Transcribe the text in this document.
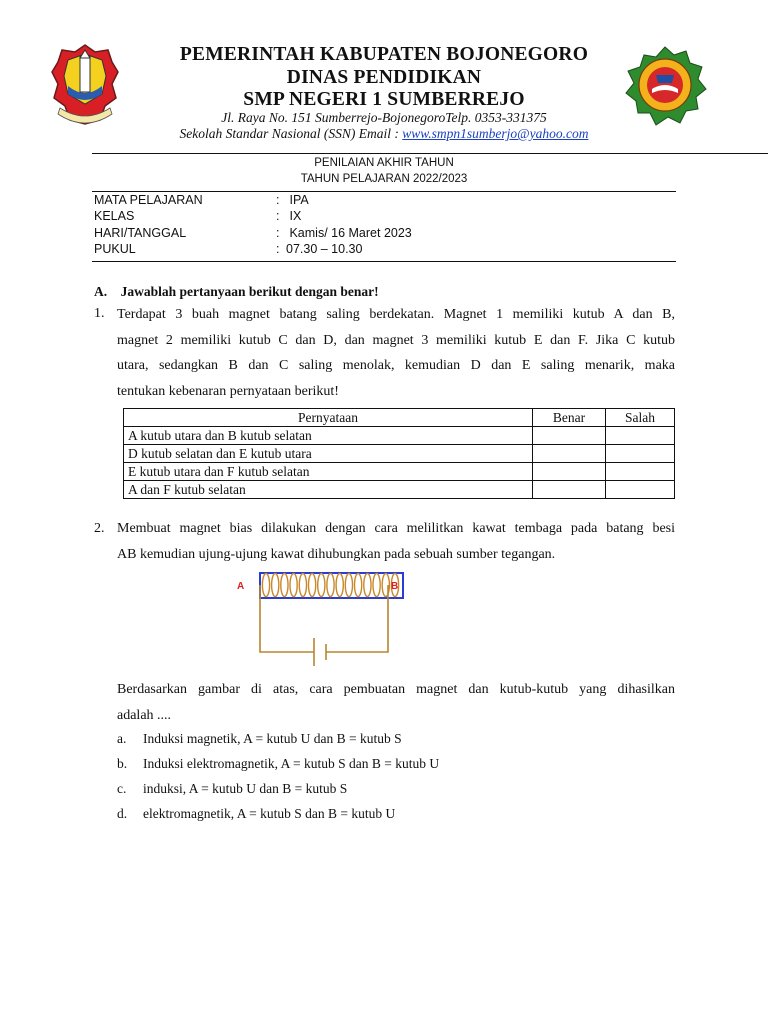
PEMERINTAH KABUPATEN BOJONEGORO
DINAS PENDIDIKAN
SMP NEGERI 1 SUMBERREJO
Jl. Raya No. 151 Sumberrejo-BojonegoroTelp. 0353-331375
Sekolah Standar Nasional (SSN) Email : www.smpn1sumberjo@yahoo.com
PENILAIAN AKHIR TAHUN
TAHUN PELAJARAN 2022/2023
MATA PELAJARAN	: IPA
KELAS	: IX
HARI/TANGGAL	: Kamis/ 16 Maret 2023
PUKUL	: 07.30 – 10.30
A. Jawablah pertanyaan berikut dengan benar!
1. Terdapat 3 buah magnet batang saling berdekatan. Magnet 1 memiliki kutub A dan B,
magnet 2 memiliki kutub C dan D, dan magnet 3 memiliki kutub E dan F. Jika C kutub
utara, sedangkan B dan C saling menolak, kemudian D dan E saling menarik, maka
tentukan kebenaran pernyataan berikut!
Pernyataan	Benar	Salah
A kutub utara dan B kutub selatan		
D kutub selatan dan E kutub utara		
E kutub utara dan F kutub selatan		
A dan F kutub selatan		
2. Membuat magnet bias dilakukan dengan cara melilitkan kawat tembaga pada batang besi
AB kemudian ujung-ujung kawat dihubungkan pada sebuah sumber tegangan.
A	B
Berdasarkan gambar di atas, cara pembuatan magnet dan kutub-kutub yang dihasilkan
adalah ....
a. Induksi magnetik, A = kutub U dan B = kutub S
b. Induksi elektromagnetik, A = kutub S dan B = kutub U
c. induksi, A = kutub U dan B = kutub S
d. elektromagnetik, A = kutub S dan B = kutub U
